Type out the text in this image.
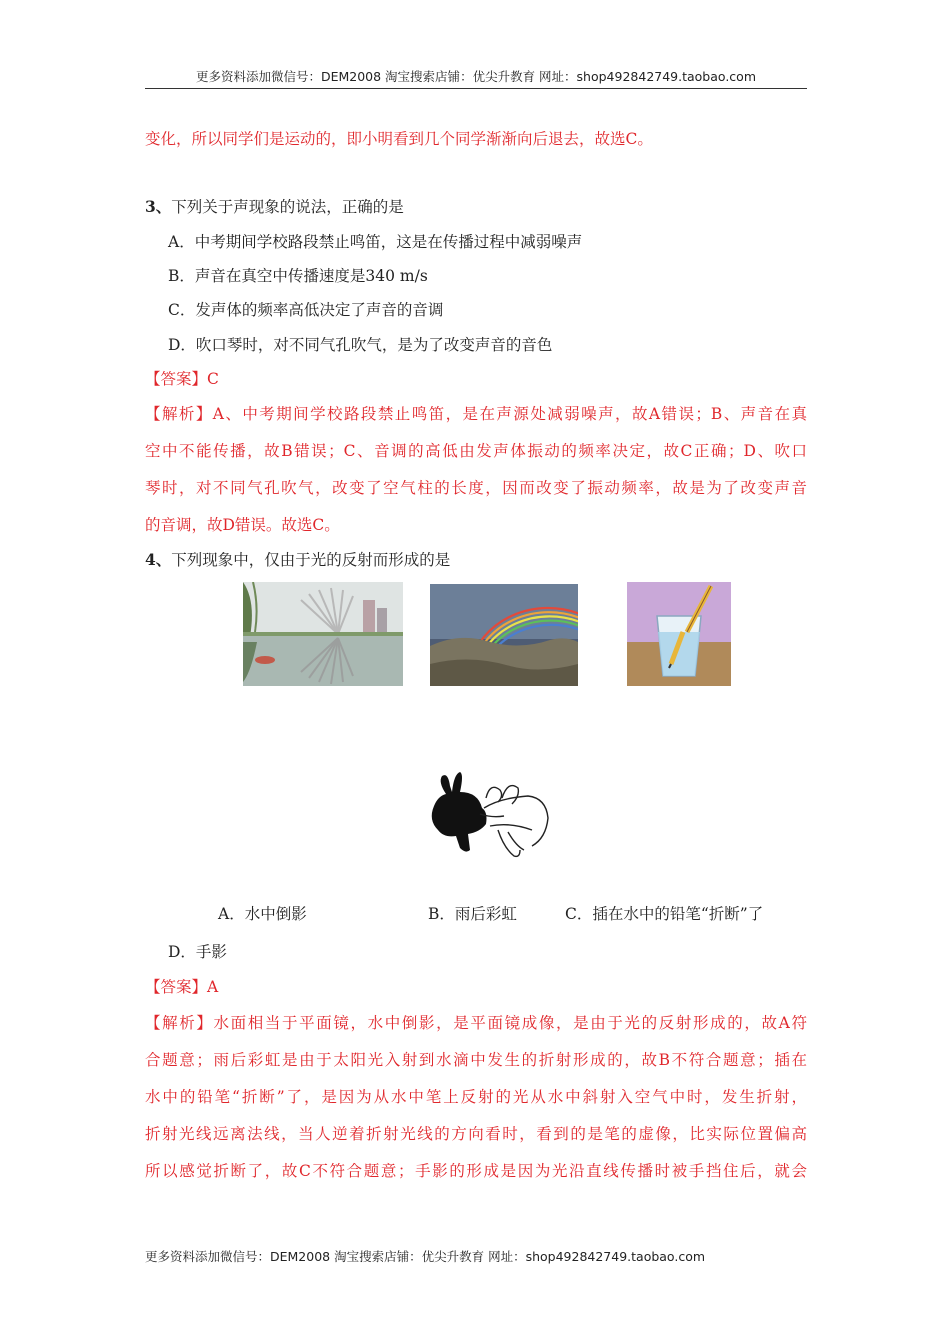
更多资料添加微信号：DEM2008 淘宝搜索店铺：优尖升教育 网址：shop492842749.taobao.com
变化，所以同学们是运动的，即小明看到几个同学渐渐向后退去，故选C。
3、下列关于声现象的说法，正确的是
A．中考期间学校路段禁止鸣笛，这是在传播过程中减弱噪声
B．声音在真空中传播速度是340 m/s
C．发声体的频率高低决定了声音的音调
D．吹口琴时，对不同气孔吹气，是为了改变声音的音色
【答案】C
【解析】A、中考期间学校路段禁止鸣笛，是在声源处减弱噪声，故A错误；B、声音在真
空中不能传播，故B错误；C、音调的高低由发声体振动的频率决定，故C正确；D、吹口
琴时，对不同气孔吹气，改变了空气柱的长度，因而改变了振动频率，故是为了改变声音
的音调，故D错误。故选C。
4、下列现象中，仅由于光的反射而形成的是
A．水中倒影	B．雨后彩虹	C．插在水中的铅笔“折断”了
D．手影
【答案】A
【解析】水面相当于平面镜，水中倒影，是平面镜成像，是由于光的反射形成的，故A符
合题意；雨后彩虹是由于太阳光入射到水滴中发生的折射形成的，故B不符合题意；插在
水中的铅笔“折断”了，是因为从水中笔上反射的光从水中斜射入空气中时，发生折射，
折射光线远离法线，当人逆着折射光线的方向看时，看到的是笔的虚像，比实际位置偏高
所以感觉折断了，故C不符合题意；手影的形成是因为光沿直线传播时被手挡住后，就会
更多资料添加微信号：DEM2008 淘宝搜索店铺：优尖升教育 网址：shop492842749.taobao.com
